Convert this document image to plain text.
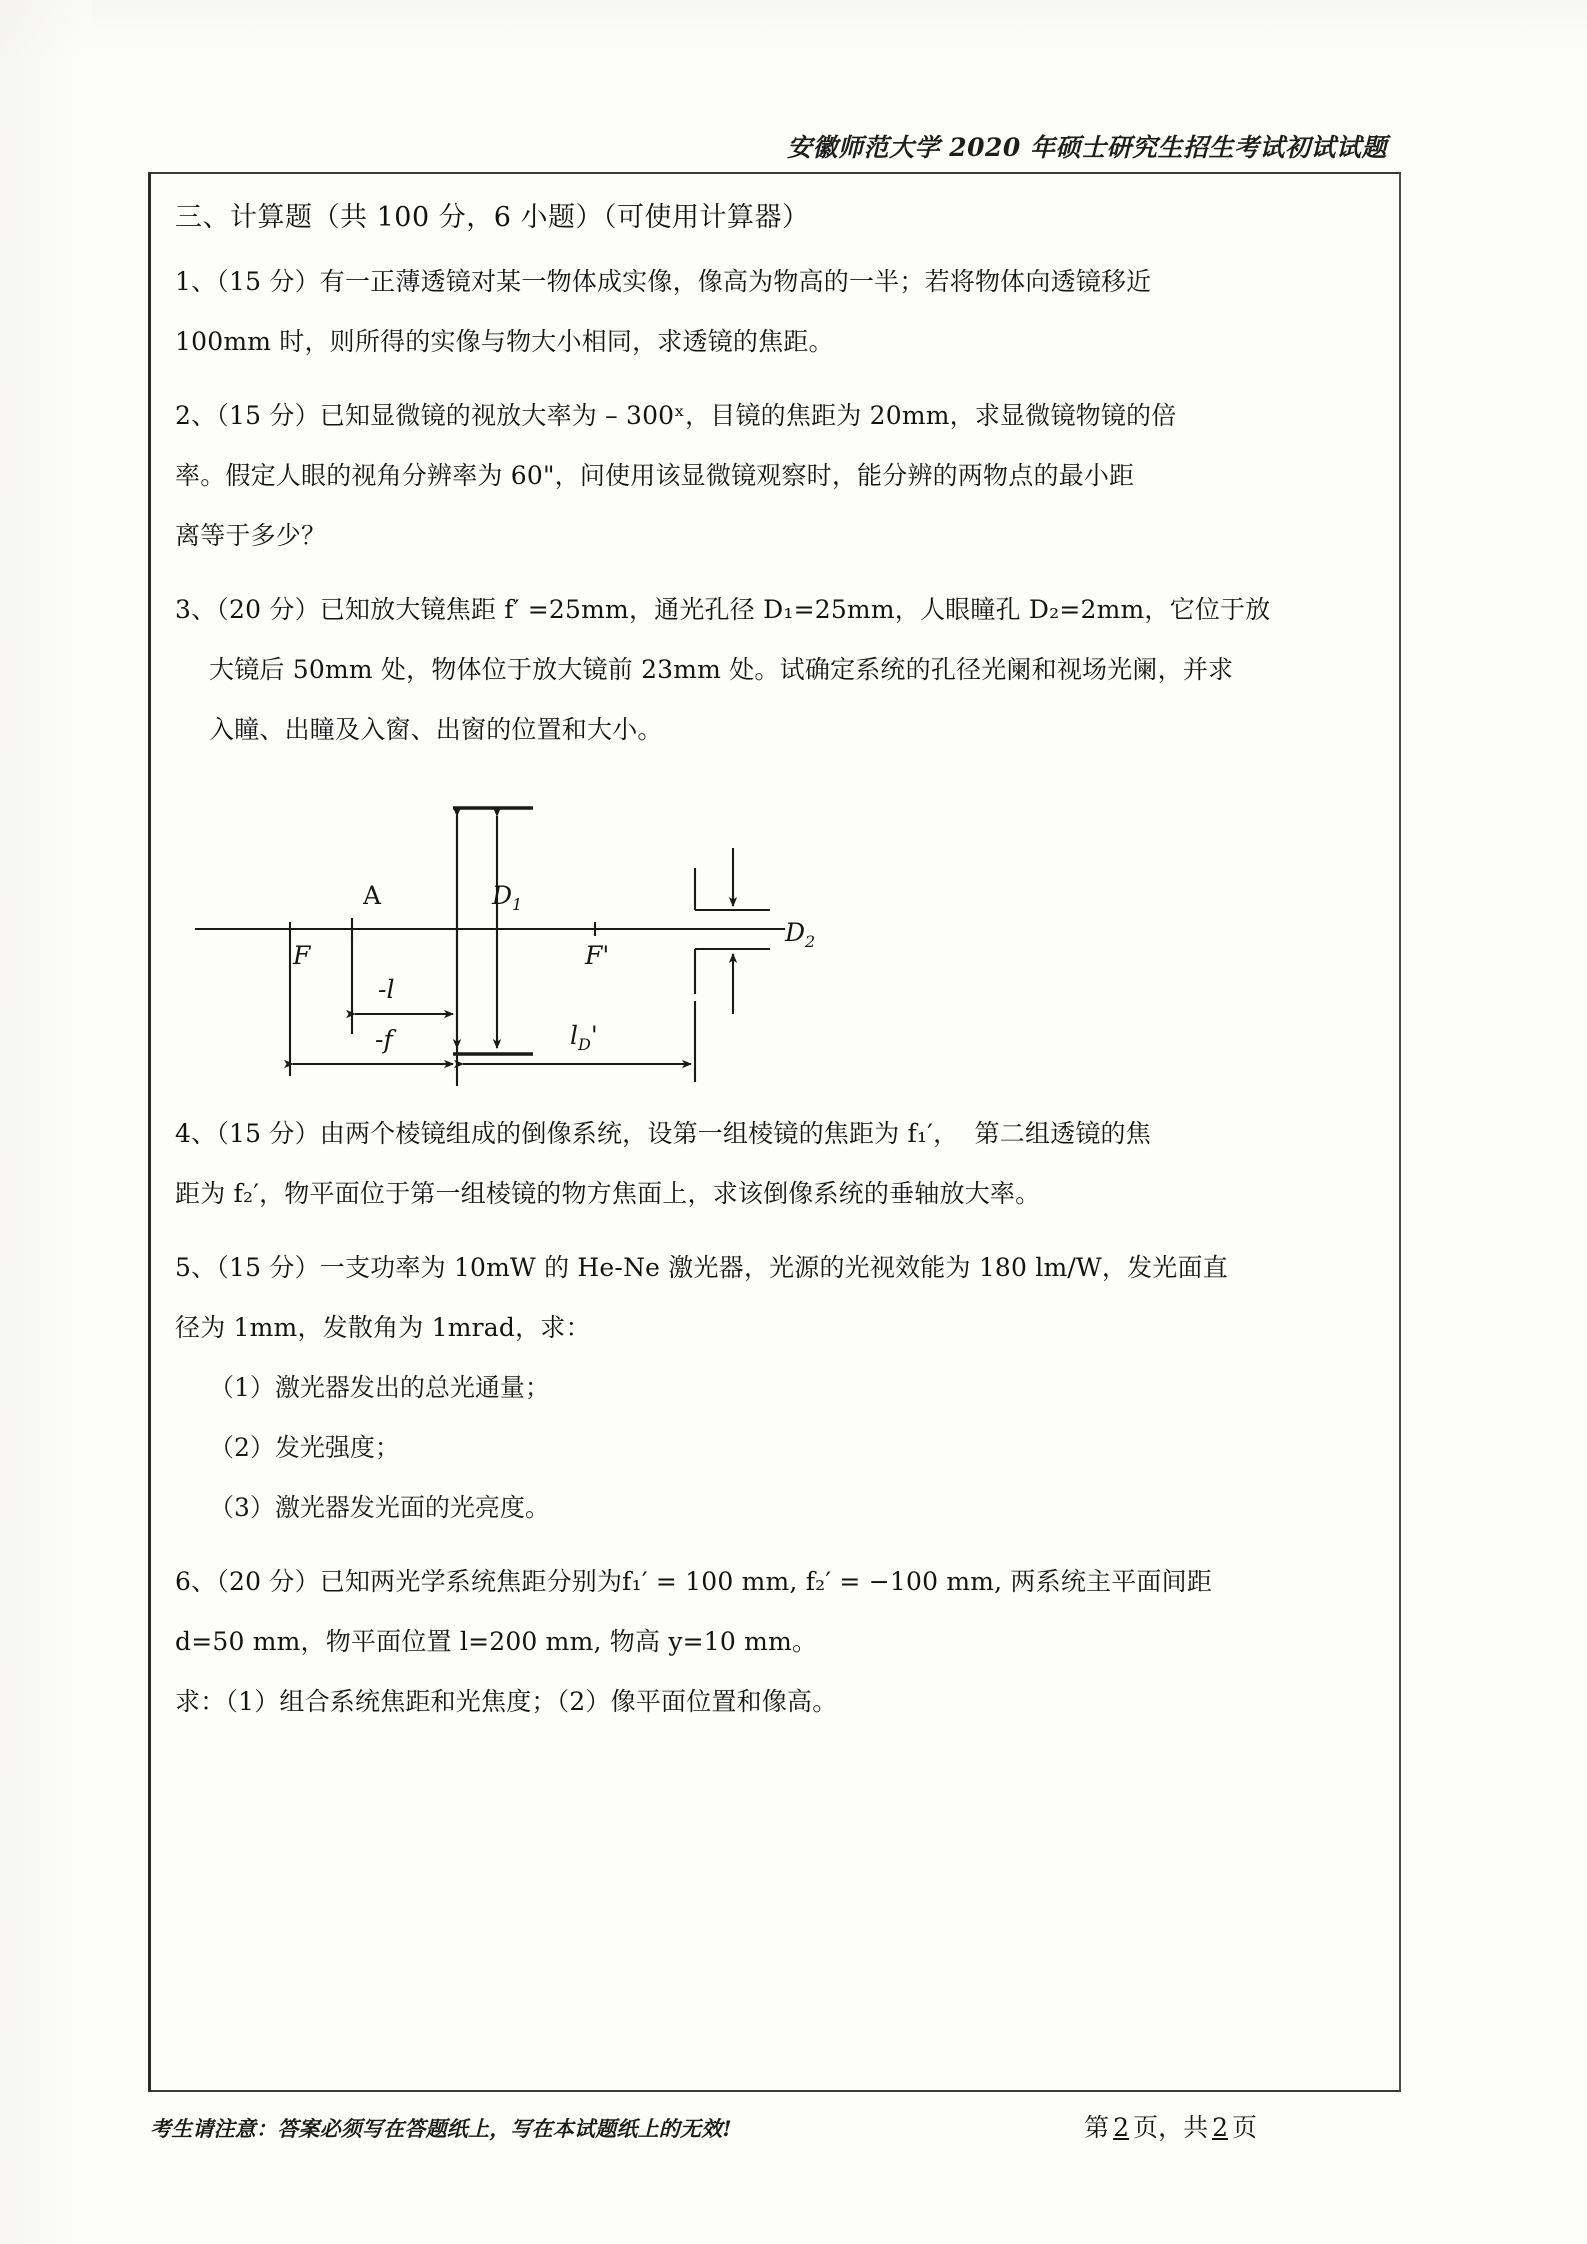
安徽师范大学 2020 年硕士研究生招生考试初试试题
三、计算题（共 100 分，6 小题）（可使用计算器）
1、（15 分）有一正薄透镜对某一物体成实像，像高为物高的一半；若将物体向透镜移近
100mm 时，则所得的实像与物大小相同，求透镜的焦距。
2、（15 分）已知显微镜的视放大率为 – 300ˣ，目镜的焦距为 20mm，求显微镜物镜的倍
率。假定人眼的视角分辨率为 60"，问使用该显微镜观察时，能分辨的两物点的最小距
离等于多少？
3、（20 分）已知放大镜焦距 f′ =25mm，通光孔径 D₁=25mm，人眼瞳孔 D₂=2mm，它位于放
大镜后 50mm 处，物体位于放大镜前 23mm 处。试确定系统的孔径光阑和视场光阑，并求
入瞳、出瞳及入窗、出窗的位置和大小。
A	$D_1$
$D_2$
F	F'
-l
-f	$l_D'$
4、（15 分）由两个棱镜组成的倒像系统，设第一组棱镜的焦距为 f₁′，  第二组透镜的焦
距为 f₂′，物平面位于第一组棱镜的物方焦面上，求该倒像系统的垂轴放大率。
5、（15 分）一支功率为 10mW 的 He-Ne 激光器，光源的光视效能为 180 lm/W，发光面直
径为 1mm，发散角为 1mrad，求：
（1）激光器发出的总光通量；
（2）发光强度；
（3）激光器发光面的光亮度。
6、（20 分）已知两光学系统焦距分别为f₁′ = 100 mm, f₂′ = −100 mm, 两系统主平面间距
d=50 mm，物平面位置 l=200 mm, 物高 y=10 mm。
求：（1）组合系统焦距和光焦度；（2）像平面位置和像高。
考生请注意：答案必须写在答题纸上，写在本试题纸上的无效!	第 2 页，共 2 页
